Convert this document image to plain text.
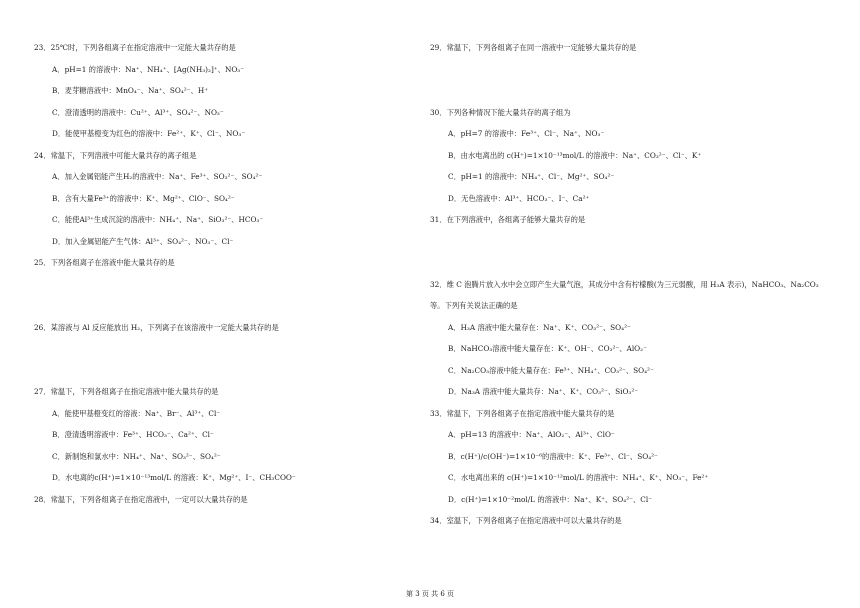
23．25℃时，下列各组离子在指定溶液中一定能大量共存的是
A．pH=1 的溶液中：Na⁺、NH₄⁺、[Ag(NH₃)₂]⁺、NO₃⁻
B．麦芽糖溶液中：MnO₄⁻、Na⁺、SO₄²⁻、H⁺
C．澄清透明的溶液中：Cu²⁺、Al³⁺、SO₄²⁻、NO₃⁻
D．能使甲基橙变为红色的溶液中：Fe²⁺、K⁺、Cl⁻、NO₃⁻
24．常温下，下列溶液中可能大量共存的离子组是
A．加入金属铝能产生H₂的溶液中：Na⁺、Fe³⁺、SO₃²⁻、SO₄²⁻
B．含有大量Fe³⁺的溶液中：K⁺、Mg²⁺、ClO⁻、SO₄²⁻
C．能使Al³⁺生成沉淀的溶液中：NH₄⁺、Na⁺、SiO₃²⁻、HCO₃⁻
D．加入金属铝能产生气体：Al³⁺、SO₄²⁻、NO₃⁻、Cl⁻
25．下列各组离子在溶液中能大量共存的是
26．某溶液与 Al 反应能放出 H₂，下列离子在该溶液中一定能大量共存的是
27．常温下，下列各组离子在指定溶液中能大量共存的是
A．能使甲基橙变红的溶液：Na⁺、Br⁻、Al³⁺、Cl⁻
B．澄清透明溶液中：Fe³⁺、HCO₃⁻、Ca²⁺、Cl⁻
C．新制饱和氯水中：NH₄⁺、Na⁺、SO₃²⁻、SO₄²⁻
D．水电离的c(H⁺)=1×10⁻¹³mol/L 的溶液：K⁺、Mg²⁺、I⁻、CH₃COO⁻
28．常温下，下列各组离子在指定溶液中，一定可以大量共存的是
29．常温下，下列各组离子在同一溶液中一定能够大量共存的是
30．下列各种情况下能大量共存的离子组为
A．pH=7 的溶液中：Fe³⁺、Cl⁻、Na⁺、NO₃⁻
B．由水电离出的 c(H⁺)=1×10⁻¹³mol/L 的溶液中：Na⁺、CO₃²⁻、Cl⁻、K⁺
C．pH=1 的溶液中：NH₄⁺、Cl⁻、Mg²⁺、SO₄²⁻
D．无色溶液中：Al³⁺、HCO₃⁻、I⁻、Ca²⁺
31．在下列溶液中，各组离子能够大量共存的是
32．维 C 泡腾片放入水中会立即产生大量气泡，其成分中含有柠檬酸(为三元弱酸，用 H₃A 表示)，NaHCO₃、Na₂CO₃
等。下列有关说法正确的是
A．H₃A 溶液中能大量存在：Na⁺、K⁺、CO₃²⁻、SO₄²⁻
B．NaHCO₃溶液中能大量存在：K⁺、OH⁻、CO₃²⁻、AlO₂⁻
C．Na₂CO₃溶液中能大量存在：Fe³⁺、NH₄⁺、CO₃²⁻、SO₄²⁻
D．Na₃A 溶液中能大量共存：Na⁺、K⁺、CO₃²⁻、SiO₃²⁻
33．常温下，下列各组离子在指定溶液中能大量共存的是
A．pH=13 的溶液中：Na⁺、AlO₂⁻、Al³⁺、ClO⁻
B．c(H⁺)/c(OH⁻)=1×10⁻⁶的溶液中：K⁺、Fe³⁺、Cl⁻、SO₄²⁻
C．水电离出来的 c(H⁺)=1×10⁻¹²mol/L 的溶液中：NH₄⁺、K⁺、NO₃⁻、Fe²⁺
D．c(H⁺)=1×10⁻²mol/L 的溶液中：Na⁺、K⁺、SO₄²⁻、Cl⁻
34．室温下，下列各组离子在指定溶液中可以大量共存的是
第 3 页 共 6 页
